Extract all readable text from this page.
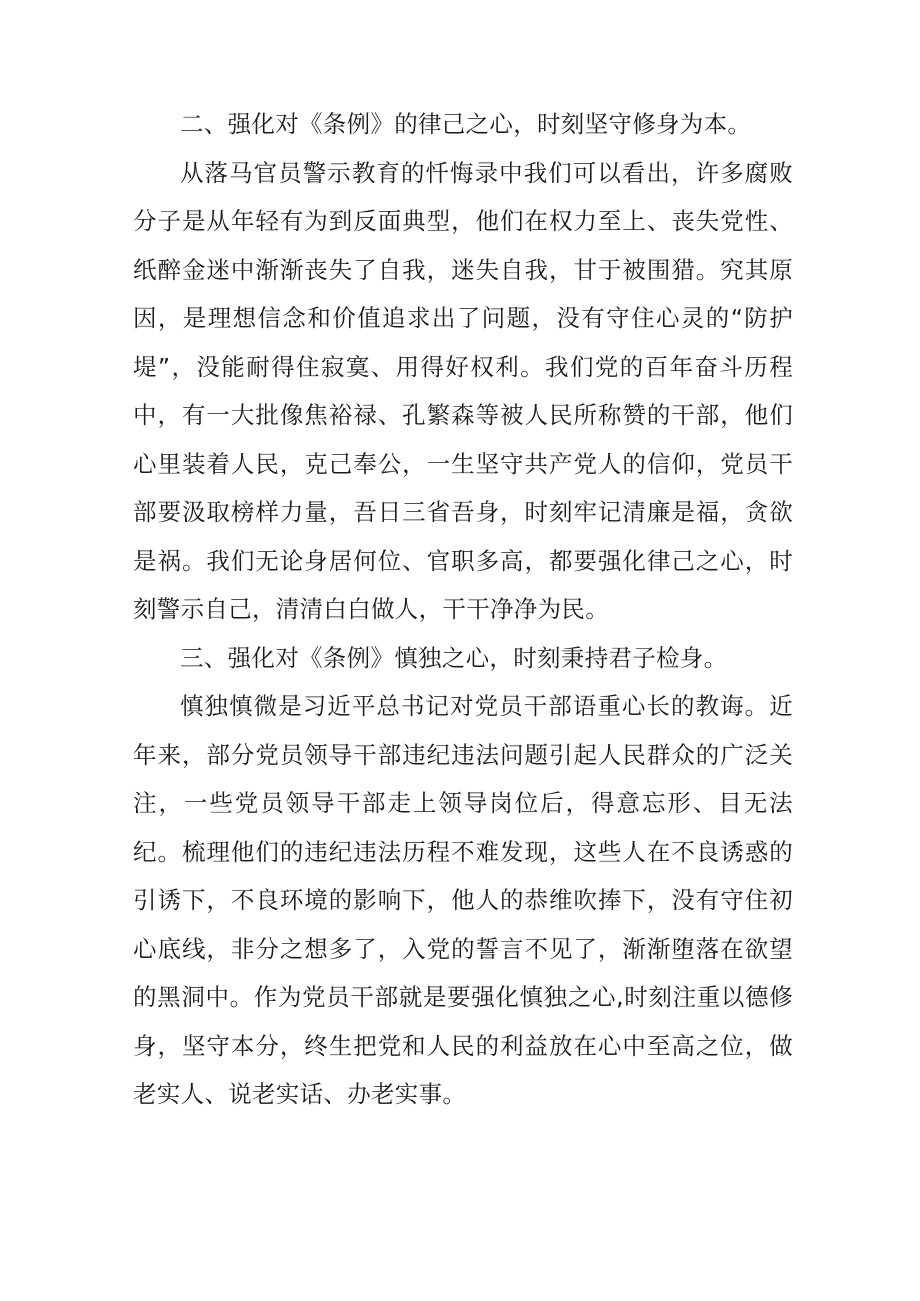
二、强化对《条例》的律己之心，时刻坚守修身为本。

从落马官员警示教育的忏悔录中我们可以看出，许多腐败分子是从年轻有为到反面典型，他们在权力至上、丧失党性、纸醉金迷中渐渐丧失了自我，迷失自我，甘于被围猎。究其原因，是理想信念和价值追求出了问题，没有守住心灵的“防护堤”，没能耐得住寂寞、用得好权利。我们党的百年奋斗历程中，有一大批像焦裕禄、孔繁森等被人民所称赞的干部，他们心里装着人民，克己奉公，一生坚守共产党人的信仰，党员干部要汲取榜样力量，吾日三省吾身，时刻牢记清廉是福，贪欲是祸。我们无论身居何位、官职多高，都要强化律己之心，时刻警示自己，清清白白做人，干干净净为民。

三、强化对《条例》慎独之心，时刻秉持君子检身。

慎独慎微是习近平总书记对党员干部语重心长的教诲。近年来，部分党员领导干部违纪违法问题引起人民群众的广泛关注，一些党员领导干部走上领导岗位后，得意忘形、目无法纪。梳理他们的违纪违法历程不难发现，这些人在不良诱惑的引诱下，不良环境的影响下，他人的恭维吹捧下，没有守住初心底线，非分之想多了，入党的誓言不见了，渐渐堕落在欲望的黑洞中。作为党员干部就是要强化慎独之心,时刻注重以德修身，坚守本分，终生把党和人民的利益放在心中至高之位，做老实人、说老实话、办老实事。
